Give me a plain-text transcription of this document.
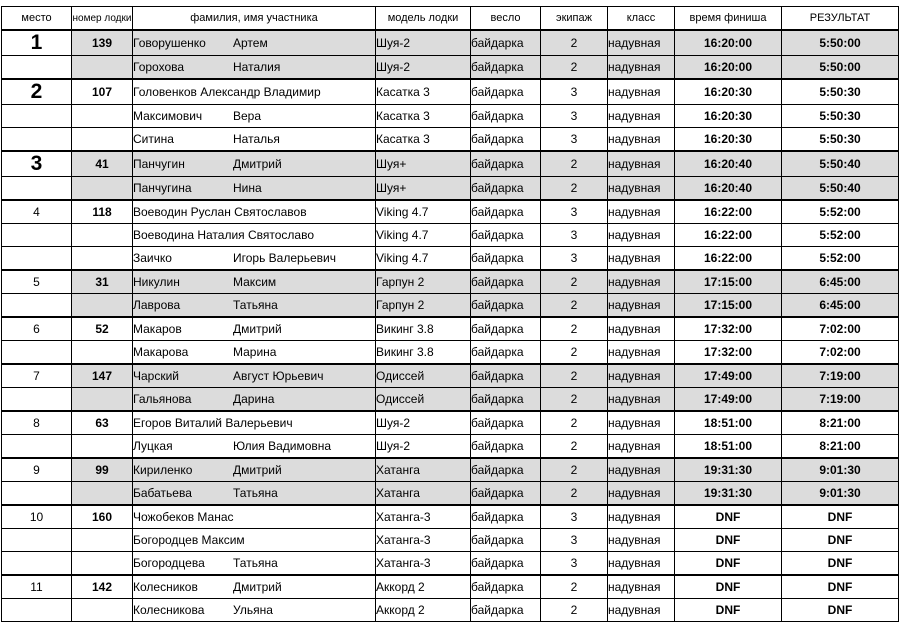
место	номер лодки	фамилия, имя участника	модель лодки	весло	экипаж	класс	время финиша	РЕЗУЛЬТАТ
1	139	Говорушенко Артем	Шуя-2	байдарка	2	надувная	16:20:00	5:50:00
		Горохова Наталия	Шуя-2	байдарка	2	надувная	16:20:00	5:50:00
2	107	Головенков Александр Владимир	Касатка 3	байдарка	3	надувная	16:20:30	5:50:30
		Максимович Вера	Касатка 3	байдарка	3	надувная	16:20:30	5:50:30
		Ситина Наталья	Касатка 3	байдарка	3	надувная	16:20:30	5:50:30
3	41	Панчугин Дмитрий	Шуя+	байдарка	2	надувная	16:20:40	5:50:40
		Панчугина Нина	Шуя+	байдарка	2	надувная	16:20:40	5:50:40
4	118	Воеводин Руслан Святославов	Viking 4.7	байдарка	3	надувная	16:22:00	5:52:00
		Воеводина Наталия Святославо	Viking 4.7	байдарка	3	надувная	16:22:00	5:52:00
		Заичко Игорь Валерьевич	Viking 4.7	байдарка	3	надувная	16:22:00	5:52:00
5	31	Никулин Максим	Гарпун 2	байдарка	2	надувная	17:15:00	6:45:00
		Лаврова Татьяна	Гарпун 2	байдарка	2	надувная	17:15:00	6:45:00
6	52	Макаров Дмитрий	Викинг 3.8	байдарка	2	надувная	17:32:00	7:02:00
		Макарова Марина	Викинг 3.8	байдарка	2	надувная	17:32:00	7:02:00
7	147	Чарский Август Юрьевич	Одиссей	байдарка	2	надувная	17:49:00	7:19:00
		Гальянова Дарина	Одиссей	байдарка	2	надувная	17:49:00	7:19:00
8	63	Егоров Виталий Валерьевич	Шуя-2	байдарка	2	надувная	18:51:00	8:21:00
		Луцкая Юлия Вадимовна	Шуя-2	байдарка	2	надувная	18:51:00	8:21:00
9	99	Кириленко Дмитрий	Хатанга	байдарка	2	надувная	19:31:30	9:01:30
		Бабатьева Татьяна	Хатанга	байдарка	2	надувная	19:31:30	9:01:30
10	160	Чожобеков Манас	Хатанга-3	байдарка	3	надувная	DNF	DNF
		Богородцев Максим	Хатанга-3	байдарка	3	надувная	DNF	DNF
		Богородцева Татьяна	Хатанга-3	байдарка	3	надувная	DNF	DNF
11	142	Колесников Дмитрий	Аккорд 2	байдарка	2	надувная	DNF	DNF
		Колесникова Ульяна	Аккорд 2	байдарка	2	надувная	DNF	DNF
